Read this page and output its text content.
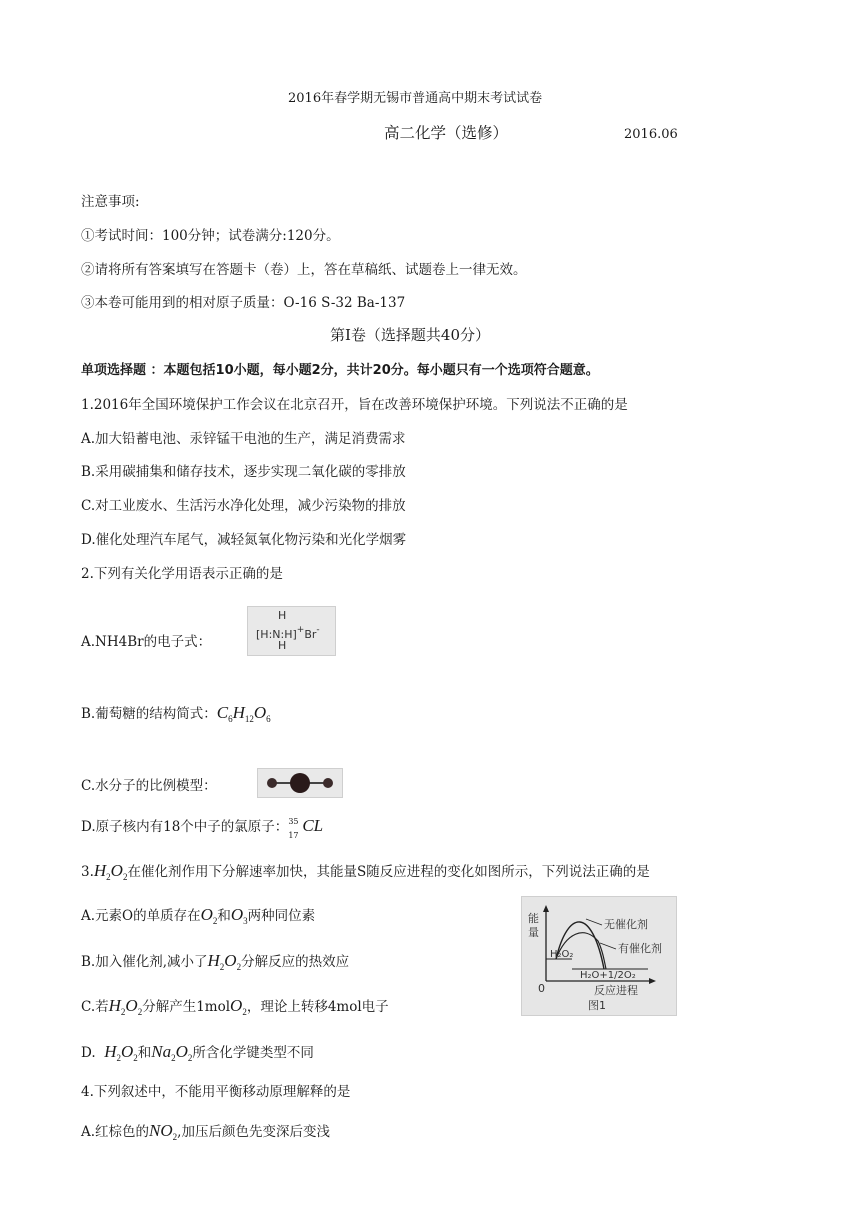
2016年春学期无锡市普通高中期末考试试卷
高二化学（选修）	2016.06
注意事项:
①考试时间：100分钟；试卷满分:120分。
②请将所有答案填写在答题卡（卷）上，答在草稿纸、试题卷上一律无效。
③本卷可能用到的相对原子质量：O-16 S-32 Ba-137
第Ⅰ卷（选择题共40分）
单项选择题 ：本题包括10小题，每小题2分，共计20分。每小题只有一个选项符合题意。
1.2016年全国环境保护工作会议在北京召开，旨在改善环境保护环境。下列说法不正确的是
A.加大铅蓄电池、汞锌锰干电池的生产，满足消费需求
B.采用碳捕集和储存技术，逐步实现二氧化碳的零排放
C.对工业废水、生活污水净化处理，减少污染物的排放
D.催化处理汽车尾气，减轻氮氧化物污染和光化学烟雾
2.下列有关化学用语表示正确的是
A.NH4Br的电子式：
H
[H:N:H]+Br-
H
B.葡萄糖的结构简式：$C_6H_{12}O_6$
C.水分子的比例模型：
D.原子核内有18个中子的氯原子： 35
17
CL
$3.H_2O_2$在催化剂作用下分解速率加快，其能量S随反应进程的变化如图所示，下列说法正确的是
A.元素O的单质存在$O_2$和$O_3$两种同位素
B.加入催化剂,减小了$H_2O_2$分解反应的热效应
C.若$H_2O_2$分解产生1molO$_2$，理论上转移4mol电子
D. $H_2O_2$和$Na_2O_2$所含化学键类型不同
能
量
无催化剂
有催化剂
H₂O₂
H₂O+1/2O₂
0	反应进程
图1
4.下列叙述中，不能用平衡移动原理解释的是
A.红棕色的$NO_2$,加压后颜色先变深后变浅
